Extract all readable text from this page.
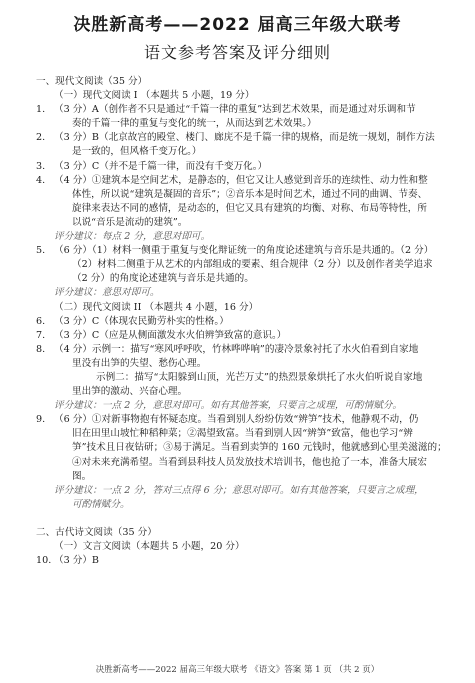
决胜新高考——2022 届高三年级大联考
语文参考答案及评分细则
一、现代文阅读（35 分）
（一）现代文阅读 I （本题共 5 小题，19 分）
1. （3 分）A（创作者不只是通过“千篇一律的重复”达到艺术效果，而是通过对乐调和节
奏的千篇一律的重复与变化的统一，从而达到艺术效果。）
2. （3 分）B（北京故宫的殿堂、楼门、廊庑不是千篇一律的规格，而是统一规划，制作方法
是一致的，但风格千变万化。）
3. （3 分）C（并不是千篇一律，而没有千变万化。）
4. （4 分）①建筑本是空间艺术，是静态的，但它又让人感觉到音乐的连续性、动力性和整
体性，所以说“建筑是凝固的音乐”；②音乐本是时间艺术，通过不同的曲调、节奏、
旋律来表达不同的感情，是动态的，但它又具有建筑的均衡、对称、布局等特性，所
以说“音乐是流动的建筑”。
评分建议：每点 2 分，意思对即可。
5. （6 分）（1）材料一侧重于重复与变化辩证统一的角度论述建筑与音乐是共通的。（2 分）
（2）材料二侧重于从艺术的内部组成的要素、组合规律（2 分）以及创作者美学追求
（2 分）的角度论述建筑与音乐是共通的。
评分建议：意思对即可。
（二）现代文阅读 II （本题共 4 小题，16 分）
6. （3 分）C（体现农民勤劳朴实的性格。）
7. （3 分）C（应是从侧面激发水火伯辨笋致富的意识。）
8. （4 分）示例一：描写“寒风呼呼吹，竹林哗哗响”的凄冷景象衬托了水火伯看到自家地
里没有出笋的失望、愁伤心理。
示例二：描写“太阳躲到山顶，光芒万丈”的热烈景象烘托了水火伯听说自家地
里出笋的激动、兴奋心理。
评分建议：一点 2 分，意思对即可。如有其他答案，只要言之成理，可酌情赋分。
9. （6 分）①对新事物抱有怀疑态度。当看到别人纷纷仿效“辨笋”技术，他静观不动，仍
旧在田里山坡忙种稻种菜；②渴望致富。当看到别人因“辨笋”致富，他也学习“辨
笋”技术且日夜钻研；③易于满足。当看到卖笋的 160 元钱时，他就感到心里美滋滋的；
④对未来充满希望。当看到县科技人员发放技术培训书，他也抢了一本，准备大展宏
图。
评分建议：一点 2 分，答对三点得 6 分；意思对即可。如有其他答案，只要言之成理，
可酌情赋分。
二、古代诗文阅读（35 分）
（一）文言文阅读（本题共 5 小题，20 分）
10. （3 分）B
决胜新高考——2022 届高三年级大联考 《语文》答案 第 1 页 （共 2 页）
